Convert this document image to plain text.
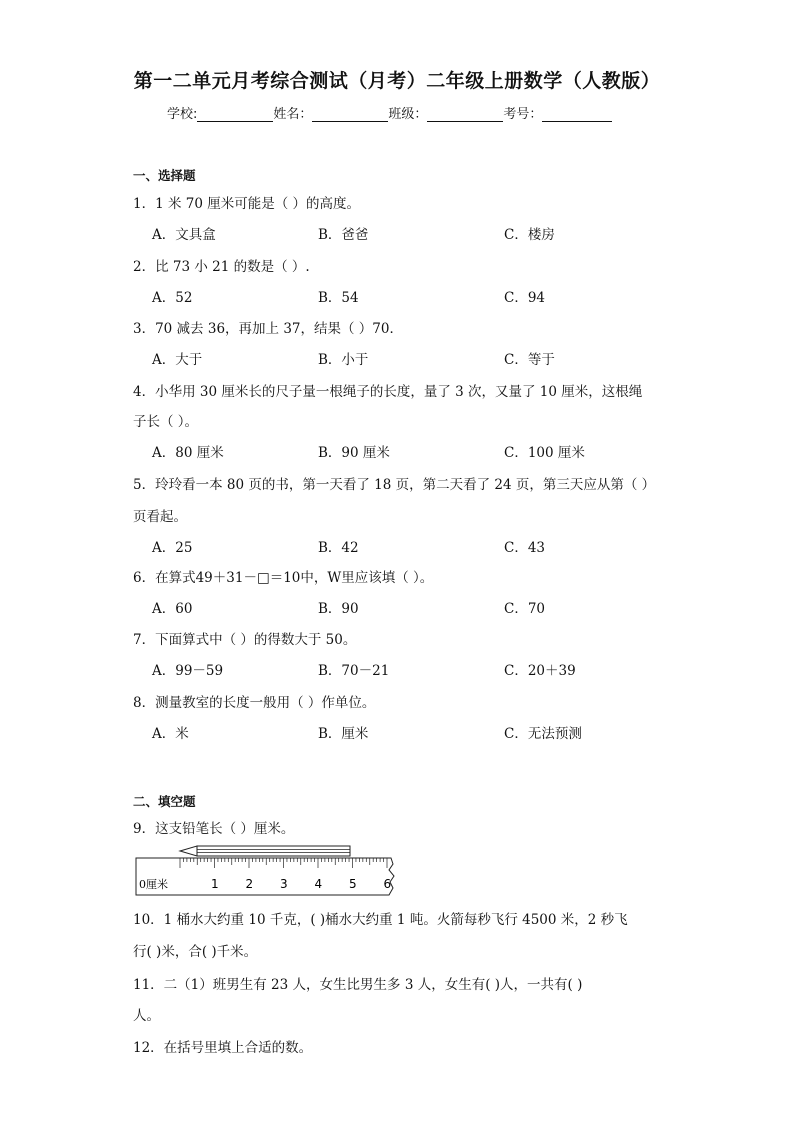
第一二单元月考综合测试（月考）二年级上册数学（人教版）
学校:	姓名：	班级：	考号：
一、选择题
1．1 米 70 厘米可能是（ ）的高度。
A．文具盒	B．爸爸	C．楼房
2．比 73 小 21 的数是（ ）.
A．52	B．54	C．94
3．70 减去 36，再加上 37，结果（ ）70．
A．大于	B．小于	C．等于
4．小华用 30 厘米长的尺子量一根绳子的长度，量了 3 次，又量了 10 厘米，这根绳
子长（ ）。
A．80 厘米	B．90 厘米	C．100 厘米
5．玲玲看一本 80 页的书，第一天看了 18 页，第二天看了 24 页，第三天应从第（ ）
页看起。
A．25	B．42	C．43
6．在算式49＋31－□＝10中，W里应该填（ ）。
A．60	B．90	C．70
7．下面算式中（ ）的得数大于 50。
A．99－59	B．70－21	C．20＋39
8．测量教室的长度一般用（ ）作单位。
A．米	B．厘米	C．无法预测
二、填空题
9．这支铅笔长（ ）厘米。
0厘米	1 2 3 4 5 6
10．1 桶水大约重 10 千克，( )桶水大约重 1 吨。火箭每秒飞行 4500 米，2 秒飞
行( )米，合( )千米。
11．二（1）班男生有 23 人，女生比男生多 3 人，女生有( )人，一共有( )
人。
12．在括号里填上合适的数。
